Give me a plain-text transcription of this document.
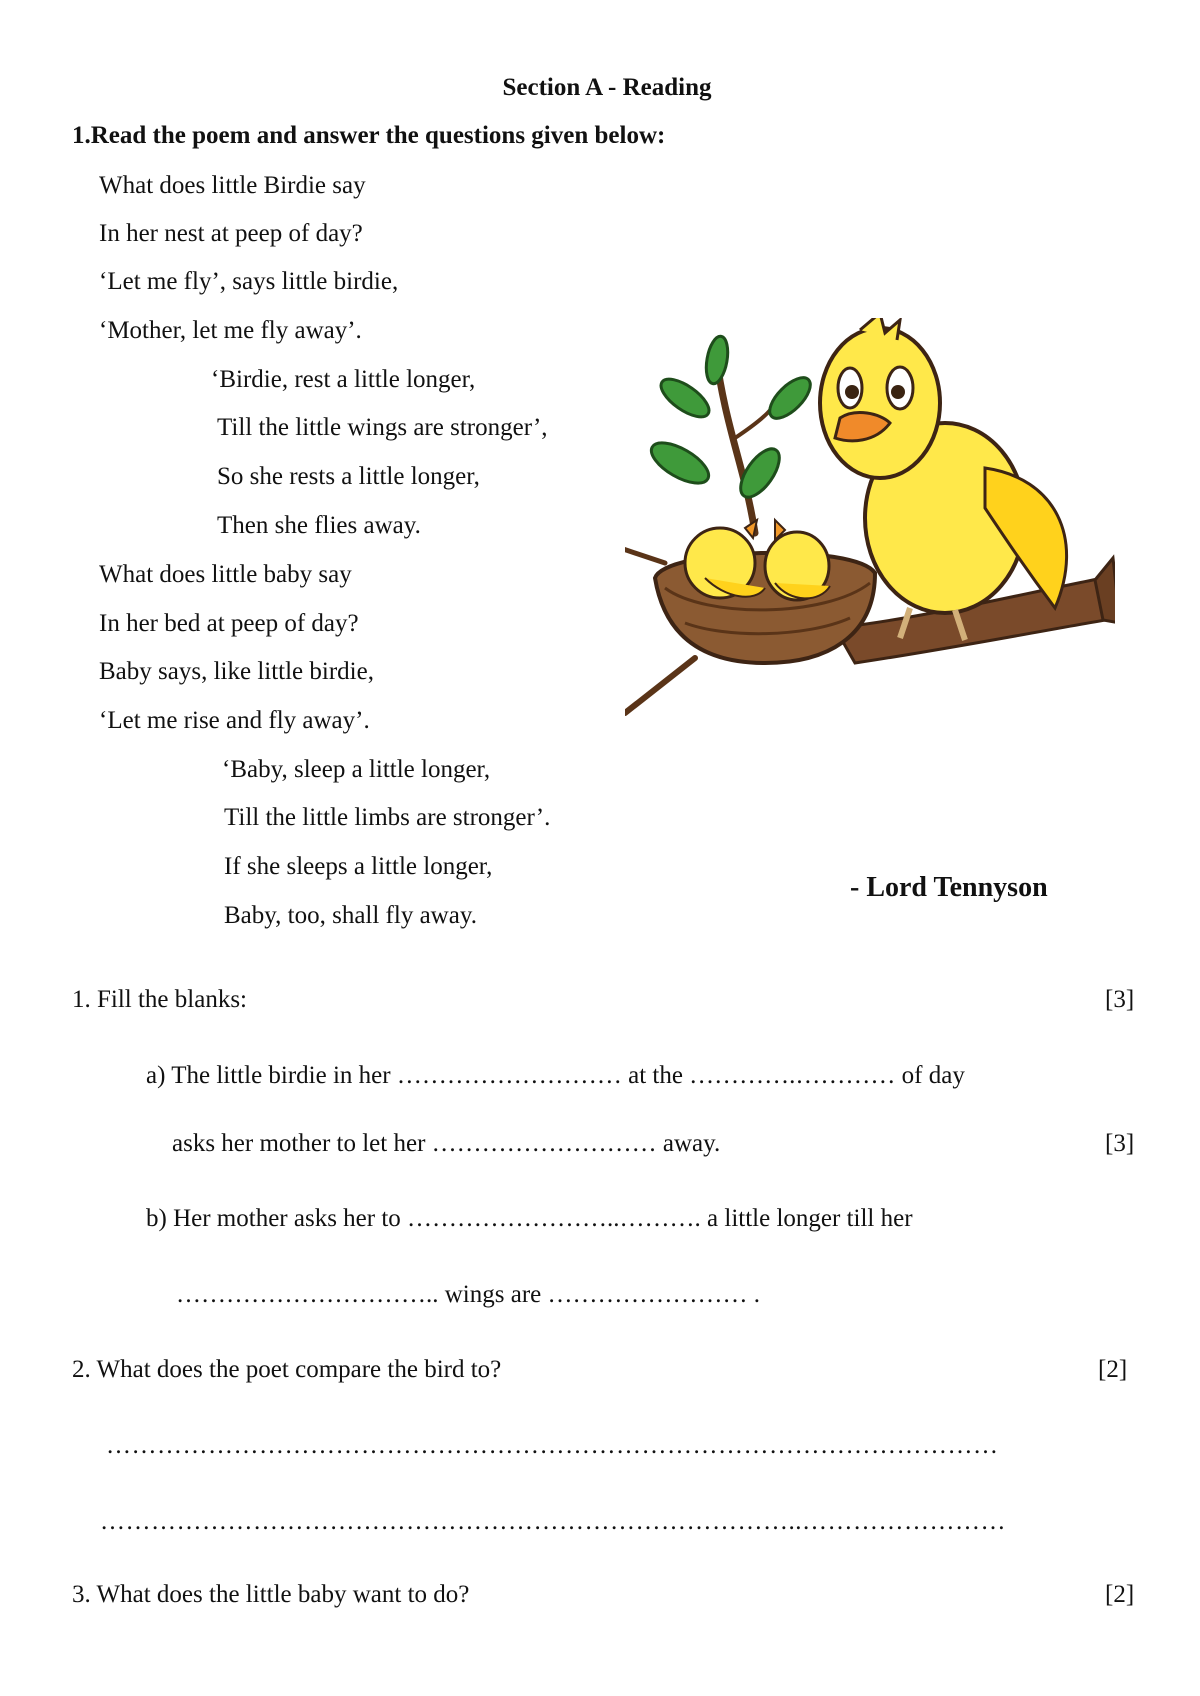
Section A - Reading
1.Read the poem and answer the questions given below:
What does little Birdie say
In her nest at peep of day?
‘Let me fly’, says little birdie,
‘Mother, let me fly away’.
‘Birdie, rest a little longer,
Till the little wings are stronger’,
So she rests a little longer,
Then she flies away.
What does little baby say
In her bed at peep of day?
Baby says, like little birdie,
‘Let me rise and fly away’.
‘Baby, sleep a little longer,
Till the little limbs are stronger’.
If she sleeps a little longer,
Baby, too, shall fly away.
- Lord Tennyson
1. Fill the blanks:	[3]
a) The little birdie in her ……………………… at the ………….………… of day
asks her mother to let her ……………………… away.	[3]
b) Her mother asks her to ……………………..………. a little longer till her
………………………….. wings are …………………… .
2. What does the poet compare the bird to?	[2]
……………………………………………………………………………………………
………………………………………………………………………..……………………
3. What does the little baby want to do?	[2]
